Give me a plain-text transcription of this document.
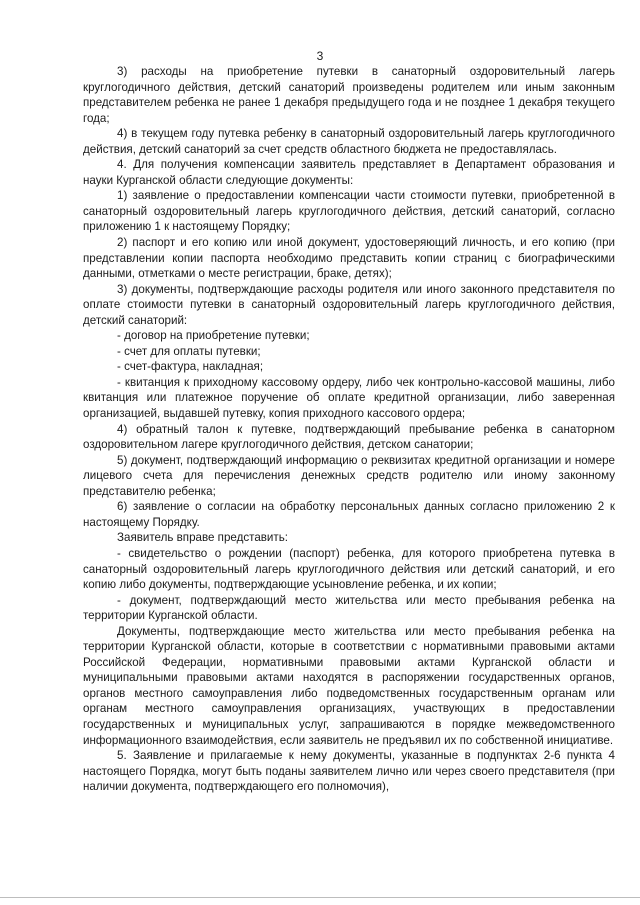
3

3) расходы на приобретение путевки в санаторный оздоровительный лагерь круглогодичного действия, детский санаторий произведены родителем или иным законным представителем ребенка не ранее 1 декабря предыдущего года и не позднее 1 декабря текущего года;

4) в текущем году путевка ребенку в санаторный оздоровительный лагерь круглогодичного действия, детский санаторий за счет средств областного бюджета не предоставлялась.

4. Для получения компенсации заявитель представляет в Департамент образования и науки Курганской области следующие документы:

1) заявление о предоставлении компенсации части стоимости путевки, приобретенной в санаторный оздоровительный лагерь круглогодичного действия, детский санаторий, согласно приложению 1 к настоящему Порядку;

2) паспорт и его копию или иной документ, удостоверяющий личность, и его копию (при представлении копии паспорта необходимо представить копии страниц с биографическими данными, отметками о месте регистрации, браке, детях);

3) документы, подтверждающие расходы родителя или иного законного представителя по оплате стоимости путевки в санаторный оздоровительный лагерь круглогодичного действия, детский санаторий:

- договор на приобретение путевки;

- счет для оплаты путевки;

- счет-фактура, накладная;

- квитанция к приходному кассовому ордеру, либо чек контрольно-кассовой машины, либо квитанция или платежное поручение об оплате кредитной организации, либо заверенная организацией, выдавшей путевку, копия приходного кассового ордера;

4) обратный талон к путевке, подтверждающий пребывание ребенка в санаторном оздоровительном лагере круглогодичного действия, детском санатории;

5) документ, подтверждающий информацию о реквизитах кредитной организации и номере лицевого счета для перечисления денежных средств родителю или иному законному представителю ребенка;

6) заявление о согласии на обработку персональных данных согласно приложению 2 к настоящему Порядку.

Заявитель вправе представить:

- свидетельство о рождении (паспорт) ребенка, для которого приобретена путевка в санаторный оздоровительный лагерь круглогодичного действия или детский санаторий, и его копию либо документы, подтверждающие усыновление ребенка, и их копии;

- документ, подтверждающий место жительства или место пребывания ребенка на территории Курганской области.

Документы, подтверждающие место жительства или место пребывания ребенка на территории Курганской области, которые в соответствии с нормативными правовыми актами Российской Федерации, нормативными правовыми актами Курганской области и муниципальными правовыми актами находятся в распоряжении государственных органов, органов местного самоуправления либо подведомственных государственным органам или органам местного самоуправления организациях, участвующих в предоставлении государственных и муниципальных услуг, запрашиваются в порядке межведомственного информационного взаимодействия, если заявитель не предъявил их по собственной инициативе.

5. Заявление и прилагаемые к нему документы, указанные в подпунктах 2-6 пункта 4 настоящего Порядка, могут быть поданы заявителем лично или через своего представителя (при наличии документа, подтверждающего его полномочия),
